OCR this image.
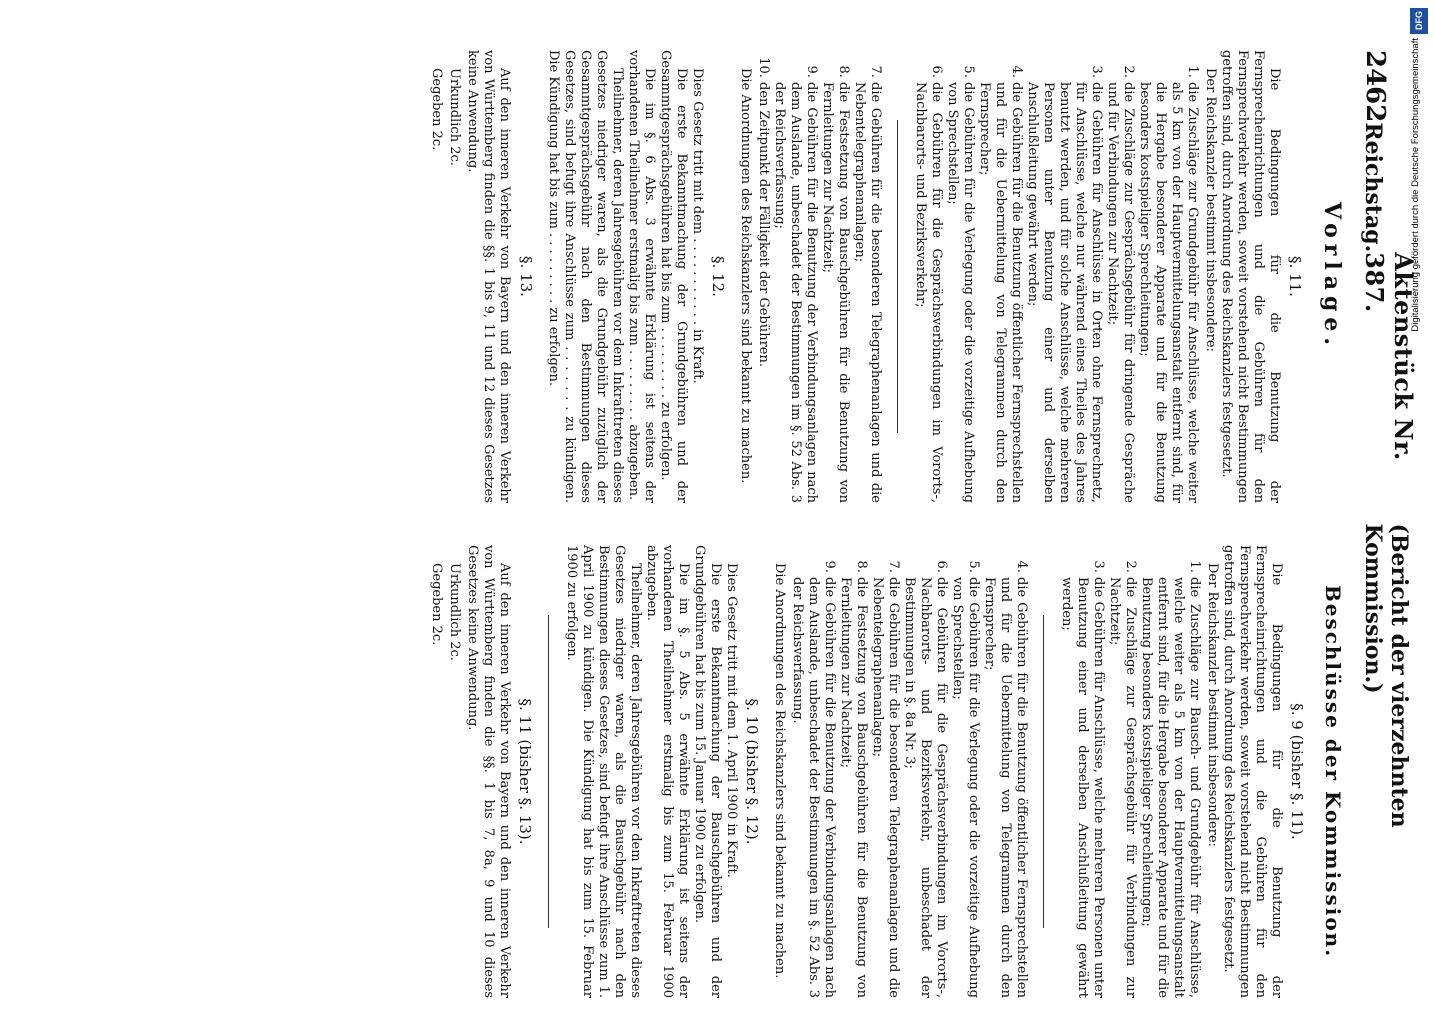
2462
Reichstag.
Aktenstück Nr. 387.
(Bericht der vierzehnten Kommission.)
Vorlage.
§. 11.

Die Bedingungen für die Benutzung der Fernsprecheinrichtungen und die Gebühren für den Fernsprechverkehr werden, soweit vorstehend nicht Bestimmungen getroffen sind, durch Anordnung des Reichskanzlers festgesetzt.

Der Reichskanzler bestimmt insbesondere:

1. die Zuschläge zur Grundgebühr für Anschlüsse, welche weiter als 5 km von der Hauptvermittelungsanstalt entfernt sind, für die Hergabe besonderer Apparate und für die Benutzung besonders kostspieliger Sprechleitungen;
2. die Zuschläge zur Gesprächsgebühr für dringende Gespräche und für Verbindungen zur Nachtzeit;
3. die Gebühren für Anschlüsse in Orten ohne Fernsprechnetz, für Anschlüsse, welche nur während eines Theiles des Jahres benutzt werden, und für solche Anschlüsse, welche mehreren Personen unter Benutzung einer und derselben Anschlußleitung gewährt werden;
4. die Gebühren für die Benutzung öffentlicher Fernsprechstellen und für die Uebermittelung von Telegrammen durch den Fernsprecher;
5. die Gebühren für die Verlegung oder die vorzeitige Aufhebung von Sprechstellen;
6. die Gebühren für die Gesprächsverbindungen im Vororts-, Nachbarorts- und Bezirksverkehr;
7. die Gebühren für die besonderen Telegraphenanlagen und die Nebentelegraphenanlagen;
8. die Festsetzung von Bauschgebühren für die Benutzung von Fernleitungen zur Nachtzeit;
9. die Gebühren für die Benutzung der Verbindungsanlagen nach dem Auslande, unbeschadet der Bestimmungen im §. 52 Abs. 3 der Reichsverfassung;
10. den Zeitpunkt der Fälligkeit der Gebühren.

Die Anordnungen des Reichskanzlers sind bekannt zu machen.

§. 12.

Dies Gesetz tritt mit dem . . . . . . . . . . . in Kraft.

Die erste Bekanntmachung der Grundgebühren und der Gesammtgesprächsgebühren hat bis zum . . . . . . . . . zu erfolgen.

Die im §. 6 Abs. 3 erwähnte Erklärung ist seitens der vorhandenen Theilnehmer erstmalig bis zum . . . . . . . . . abzugeben.

Theilnehmer, deren Jahresgebühren vor dem Inkrafttreten dieses Gesetzes niedriger waren, als die Grundgebühr zuzüglich der Gesammtgesprächsgebühr nach den Bestimmungen dieses Gesetzes, sind befugt ihre Anschlüsse zum . . . . . . . zu kündigen. Die Kündigung hat bis zum . . . . . . . . . zu erfolgen.

§. 13.

Auf den inneren Verkehr von Bayern und den inneren Verkehr von Württemberg finden die §§. 1 bis 9, 11 und 12 dieses Gesetzes keine Anwendung.

Urkundlich 2c.
Gegeben 2c.
Beschlüsse der Kommission.
§. 9 (bisher §. 11).

Die Bedingungen für die Benutzung der Fernsprecheinrichtungen und die Gebühren für den Fernsprechverkehr werden, soweit vorstehend nicht Bestimmungen getroffen sind, durch Anordnung des Reichskanzlers festgesetzt.

Der Reichskanzler bestimmt insbesondere:

1. die Zuschläge zur Bausch- und Grundgebühr für Anschlüsse, welche weiter als 5 km von der Hauptvermittelungsanstalt entfernt sind, für die Hergabe besonderer Apparate und für die Benutzung besonders kostspieliger Sprechleitungen;
2. die Zuschläge zur Gesprächsgebühr für Verbindungen zur Nachtzeit;
3. die Gebühren für Anschlüsse, welche mehreren Personen unter Benutzung einer und derselben Anschlußleitung gewährt werden;
4. die Gebühren für die Benutzung öffentlicher Fernsprechstellen und für die Uebermittelung von Telegrammen durch den Fernsprecher;
5. die Gebühren für die Verlegung oder die vorzeitige Aufhebung von Sprechstellen;
6. die Gebühren für die Gesprächsverbindungen im Vororts-, Nachbarorts- und Bezirksverkehr, unbeschadet der Bestimmungen in §. 8a Nr. 3;
7. die Gebühren für die besonderen Telegraphenanlagen und die Nebentelegraphenanlagen;
8. die Festsetzung von Bauschgebühren für die Benutzung von Fernleitungen zur Nachtzeit;
9. die Gebühren für die Benutzung der Verbindungsanlagen nach dem Auslande, unbeschadet der Bestimmungen im §. 52 Abs. 3 der Reichsverfassung.

Die Anordnungen des Reichskanzlers sind bekannt zu machen.

§. 10 (bisher §. 12).

Dies Gesetz tritt mit dem 1. April 1900 in Kraft.

Die erste Bekanntmachung der Bauschgebühren und der Grundgebühren hat bis zum 15. Januar 1900 zu erfolgen.

Die im §. 5 Abs. 5 erwähnte Erklärung ist seitens der vorhandenen Theilnehmer erstmalig bis zum 15. Februar 1900 abzugeben.

Theilnehmer, deren Jahresgebühren vor dem Inkrafttreten dieses Gesetzes niedriger waren, als die Bauschgebühr nach den Bestimmungen dieses Gesetzes, sind befugt ihre Anschlüsse zum 1. April 1900 zu kündigen. Die Kündigung hat bis zum 15. Februar 1900 zu erfolgen.

§. 11 (bisher §. 13).

Auf den inneren Verkehr von Bayern und den inneren Verkehr von Württemberg finden die §§. 1 bis 7, 8a, 9 und 10 dieses Gesetzes keine Anwendung.

Urkundlich 2c.
Gegeben 2c.
DFG
Digitalisierung gefördert durch die Deutsche Forschungsgemeinschaft
